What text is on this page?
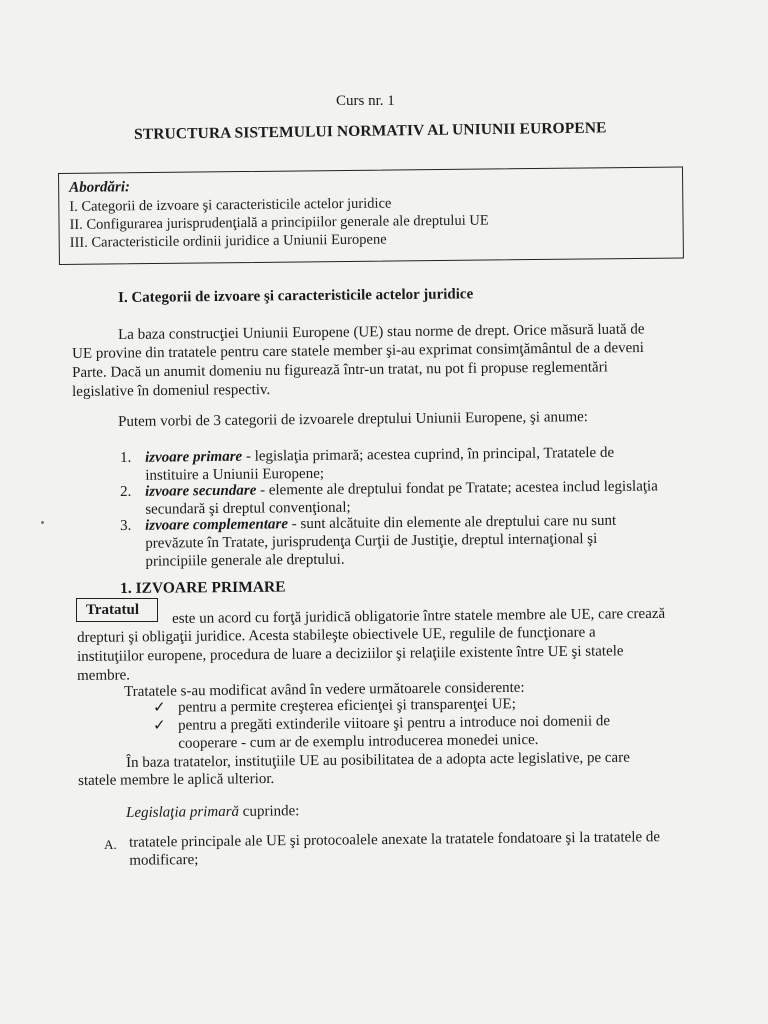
Curs nr. 1
STRUCTURA SISTEMULUI NORMATIV AL UNIUNII EUROPENE
Abordări:
I. Categorii de izvoare şi caracteristicile actelor juridice
II. Configurarea jurisprudenţială a principiilor generale ale dreptului UE
III. Caracteristicile ordinii juridice a Uniunii Europene
I. Categorii de izvoare şi caracteristicile actelor juridice
La baza construcţiei Uniunii Europene (UE) stau norme de drept. Orice măsură luată de
UE provine din tratatele pentru care statele member şi-au exprimat consimţământul de a deveni
Parte. Dacă un anumit domeniu nu figurează într-un tratat, nu pot fi propuse reglementări
legislative în domeniul respectiv.
Putem vorbi de 3 categorii de izvoarele dreptului Uniunii Europene, şi anume:
1. izvoare primare - legislaţia primară; acestea cuprind, în principal, Tratatele de
instituire a Uniunii Europene;
2. izvoare secundare - elemente ale dreptului fondat pe Tratate; acestea includ legislaţia
secundară şi dreptul convenţional;
3. izvoare complementare - sunt alcătuite din elemente ale dreptului care nu sunt
prevăzute în Tratate, jurisprudenţa Curţii de Justiţie, dreptul internaţional şi
principiile generale ale dreptului.
1. IZVOARE PRIMARE
Tratatul	este un acord cu forţă juridică obligatorie între statele membre ale UE, care crează
drepturi şi obligaţii juridice. Acesta stabileşte obiectivele UE, regulile de funcţionare a
instituţiilor europene, procedura de luare a deciziilor şi relaţiile existente între UE şi statele
membre.
Tratatele s-au modificat având în vedere următoarele considerente:
✓ pentru a permite creşterea eficienţei şi transparenţei UE;
✓ pentru a pregăti extinderile viitoare şi pentru a introduce noi domenii de
cooperare - cum ar de exemplu introducerea monedei unice.
În baza tratatelor, instituţiile UE au posibilitatea de a adopta acte legislative, pe care
statele membre le aplică ulterior.
Legislaţia primară cuprinde:
A. tratatele principale ale UE şi protocoalele anexate la tratatele fondatoare şi la tratatele de
modificare;
